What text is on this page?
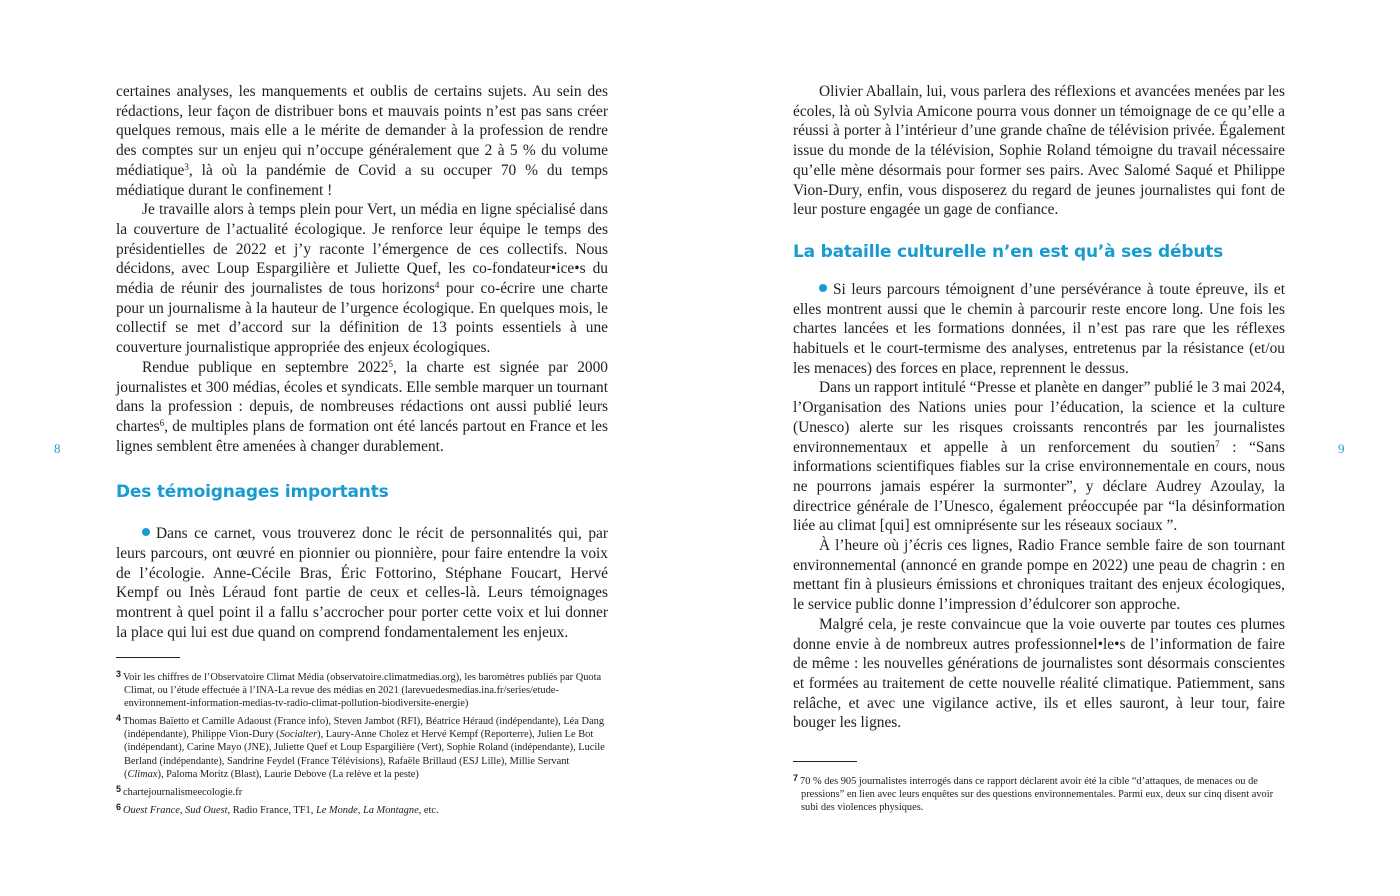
certaines analyses, les manquements et oublis de certains sujets. Au sein des rédactions, leur façon de distribuer bons et mauvais points n’est pas sans créer quelques remous, mais elle a le mérite de demander à la profession de rendre des comptes sur un enjeu qui n’occupe généralement que 2 à 5 % du volume médiatique$^3$, là où la pandémie de Covid a su occuper 70 % du temps médiatique durant le confinement !

Je travaille alors à temps plein pour Vert, un média en ligne spécialisé dans la couverture de l’actualité écologique. Je renforce leur équipe le temps des présidentielles de 2022 et j’y raconte l’émergence de ces collectifs. Nous décidons, avec Loup Espargilière et Juliette Quef, les co-fondateur•ice•s du média de réunir des journalistes de tous horizons$^4$ pour co-écrire une charte pour un journalisme à la hauteur de l’urgence écologique. En quelques mois, le collectif se met d’accord sur la définition de 13 points essentiels à une couverture journalistique appropriée des enjeux écologiques.

Rendue publique en septembre 2022$^5$, la charte est signée par 2000 journalistes et 300 médias, écoles et syndicats. Elle semble marquer un tournant dans la profession : depuis, de nombreuses rédactions ont aussi publié leurs chartes$^6$, de multiples plans de formation ont été lancés partout en France et les lignes semblent être amenées à changer durablement.

Des témoignages importants

Dans ce carnet, vous trouverez donc le récit de personnalités qui, par leurs parcours, ont œuvré en pionnier ou pionnière, pour faire entendre la voix de l’écologie. Anne-Cécile Bras, Éric Fottorino, Stéphane Foucart, Hervé Kempf ou Inès Léraud font partie de ceux et celles-là. Leurs témoignages montrent à quel point il a fallu s’accrocher pour porter cette voix et lui donner la place qui lui est due quand on comprend fondamentalement les enjeux.

8

3 Voir les chiffres de l’Observatoire Climat Média (observatoire.climatmedias.org), les baromètres publiés par Quota Climat, ou l’étude effectuée à l’INA-La revue des médias en 2021 (larevuedesmedias.ina.fr/series/etude-environnement-information-medias-tv-radio-climat-pollution-biodiversite-energie)

4 Thomas Baïetto et Camille Adaoust (France info), Steven Jambot (RFI), Béatrice Héraud (indépendante), Léa Dang (indépendante), Philippe Vion-Dury (Socialter), Laury-Anne Cholez et Hervé Kempf (Reporterre), Julien Le Bot (indépendant), Carine Mayo (JNE), Juliette Quef et Loup Espargilière (Vert), Sophie Roland (indépendante), Lucile Berland (indépendante), Sandrine Feydel (France Télévisions), Rafaële Brillaud (ESJ Lille), Millie Servant (Climax), Paloma Moritz (Blast), Laurie Debove (La relève et la peste)

5 chartejournalismeecologie.fr

6 Ouest France, Sud Ouest, Radio France, TF1, Le Monde, La Montagne, etc.

Olivier Aballain, lui, vous parlera des réflexions et avancées menées par les écoles, là où Sylvia Amicone pourra vous donner un témoignage de ce qu’elle a réussi à porter à l’intérieur d’une grande chaîne de télévision privée. Également issue du monde de la télévision, Sophie Roland témoigne du travail nécessaire qu’elle mène désormais pour former ses pairs. Avec Salomé Saqué et Philippe Vion-Dury, enfin, vous disposerez du regard de jeunes journalistes qui font de leur posture engagée un gage de confiance.

La bataille culturelle n’en est qu’à ses débuts

Si leurs parcours témoignent d’une persévérance à toute épreuve, ils et elles montrent aussi que le chemin à parcourir reste encore long. Une fois les chartes lancées et les formations données, il n’est pas rare que les réflexes habituels et le court-termisme des analyses, entretenus par la résistance (et/ou les menaces) des forces en place, reprennent le dessus.

Dans un rapport intitulé “Presse et planète en danger” publié le 3 mai 2024, l’Organisation des Nations unies pour l’éducation, la science et la culture (Unesco) alerte sur les risques croissants rencontrés par les journalistes environnementaux et appelle à un renforcement du soutien$^7$ : “Sans informations scientifiques fiables sur la crise environnementale en cours, nous ne pourrons jamais espérer la surmonter”, y déclare Audrey Azoulay, la directrice générale de l’Unesco, également préoccupée par “la désinformation liée au climat [qui] est omniprésente sur les réseaux sociaux ”.

À l’heure où j’écris ces lignes, Radio France semble faire de son tournant environnemental (annoncé en grande pompe en 2022) une peau de chagrin : en mettant fin à plusieurs émissions et chroniques traitant des enjeux écologiques, le service public donne l’impression d’édulcorer son approche.

Malgré cela, je reste convaincue que la voie ouverte par toutes ces plumes donne envie à de nombreux autres professionnel•le•s de l’information de faire de même : les nouvelles générations de journalistes sont désormais conscientes et formées au traitement de cette nouvelle réalité climatique. Patiemment, sans relâche, et avec une vigilance active, ils et elles sauront, à leur tour, faire bouger les lignes.

9

7 70 % des 905 journalistes interrogés dans ce rapport déclarent avoir été la cible “d’attaques, de menaces ou de pressions” en lien avec leurs enquêtes sur des questions environnementales. Parmi eux, deux sur cinq disent avoir subi des violences physiques.
